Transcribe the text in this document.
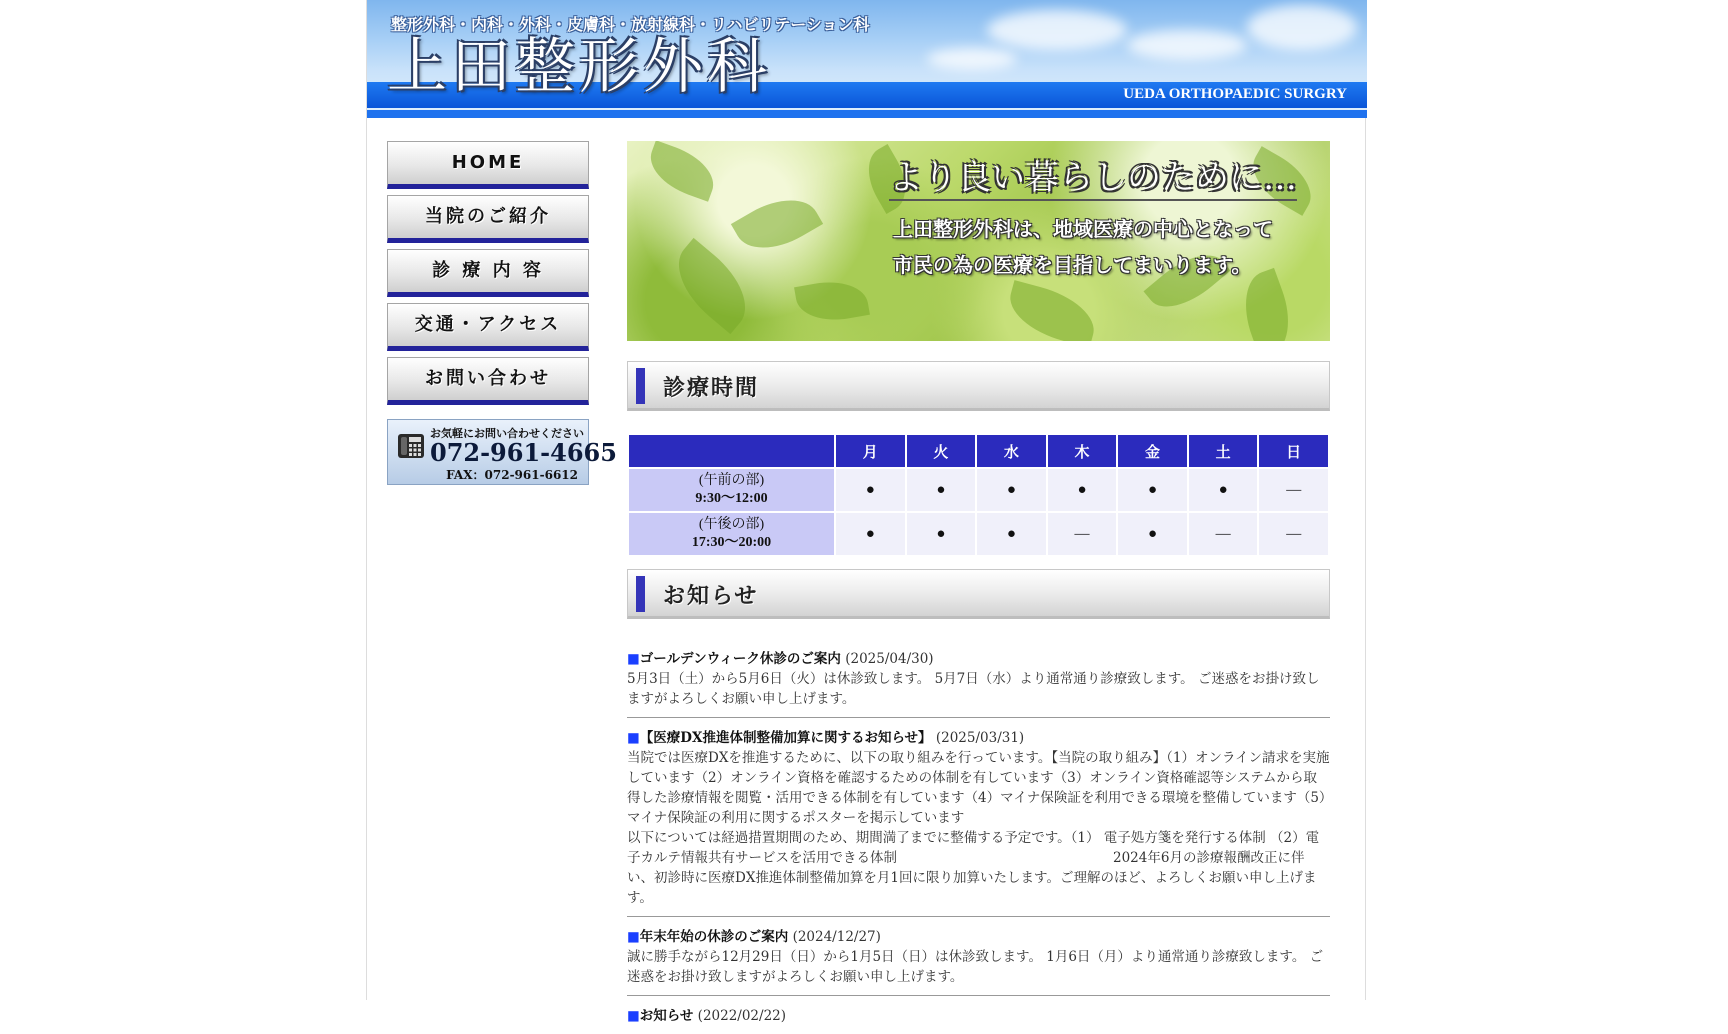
整形外科・内科・外科・皮膚科・放射線科・リハビリテーション科
上田整形外科	UEDA ORTHOPAEDIC SURGRY
HOME
当院のご紹介
診 療 内 容
交通・アクセス
お問い合わせ
お気軽にお問い合わせください
072-961-4665
FAX：072-961-6612
より良い暮らしのために…
上田整形外科は、地域医療の中心となって
市民の為の医療を目指してまいります。
診療時間
	月	火	水	木	金	土	日
(午前の部)
9:30～12:00	●	●	●	●	●	●	—
(午後の部)
17:30～20:00	●	●	●	—	●	—	—
お知らせ
■ゴールデンウィーク休診のご案内 (2025/04/30)
5月3日（土）から5月6日（火）は休診致します。 5月7日（水）より通常通り診療致します。 ご迷惑をお掛け致しますがよろしくお願い申し上げます。
■【医療DX推進体制整備加算に関するお知らせ】 (2025/03/31)
当院では医療DXを推進するために、以下の取り組みを行っています。【当院の取り組み】（1）オンライン請求を実施しています（2）オンライン資格を確認するための体制を有しています（3）オンライン資格確認等システムから取得した診療情報を閲覧・活用できる体制を有しています（4）マイナ保険証を利用できる環境を整備しています（5）マイナ保険証の利用に関するポスターを掲示しています
以下については経過措置期間のため、期間満了までに整備する予定です。（1） 電子処方箋を発行する体制 （2）電子カルテ情報共有サービスを活用できる体制　　　　　　　　　　　　　　　　2024年6月の診療報酬改正に伴い、初診時に医療DX推進体制整備加算を月1回に限り加算いたします。ご理解のほど、よろしくお願い申し上げます。
■年末年始の休診のご案内 (2024/12/27)
誠に勝手ながら12月29日（日）から1月5日（日）は休診致します。 1月6日（月）より通常通り診療致します。 ご迷惑をお掛け致しますがよろしくお願い申し上げます。
■お知らせ (2022/02/22)
